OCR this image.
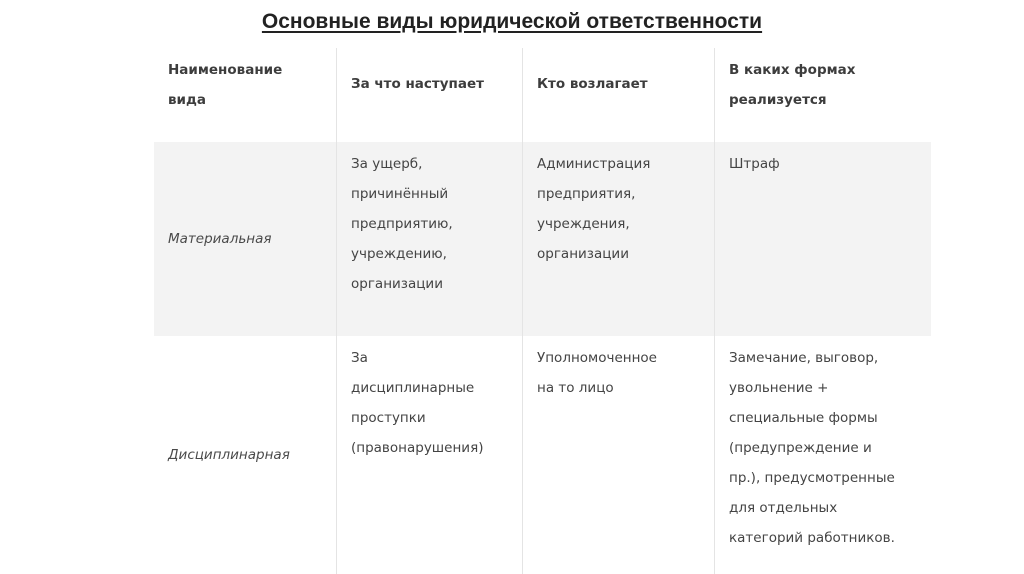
Основные виды юридической ответственности
Наименование
вида
За что наступает	Кто возлагает
В каких формах
реализуется
Материальная
За ущерб,
причинённый
предприятию,
учреждению,
организации
Администрация
предприятия,
учреждения,
организации
Штраф
Дисциплинарная
За
дисциплинарные
проступки
(правонарушения)
Уполномоченное
на то лицо
Замечание, выговор,
увольнение +
специальные формы
(предупреждение и
пр.), предусмотренные
для отдельных
категорий работников.
